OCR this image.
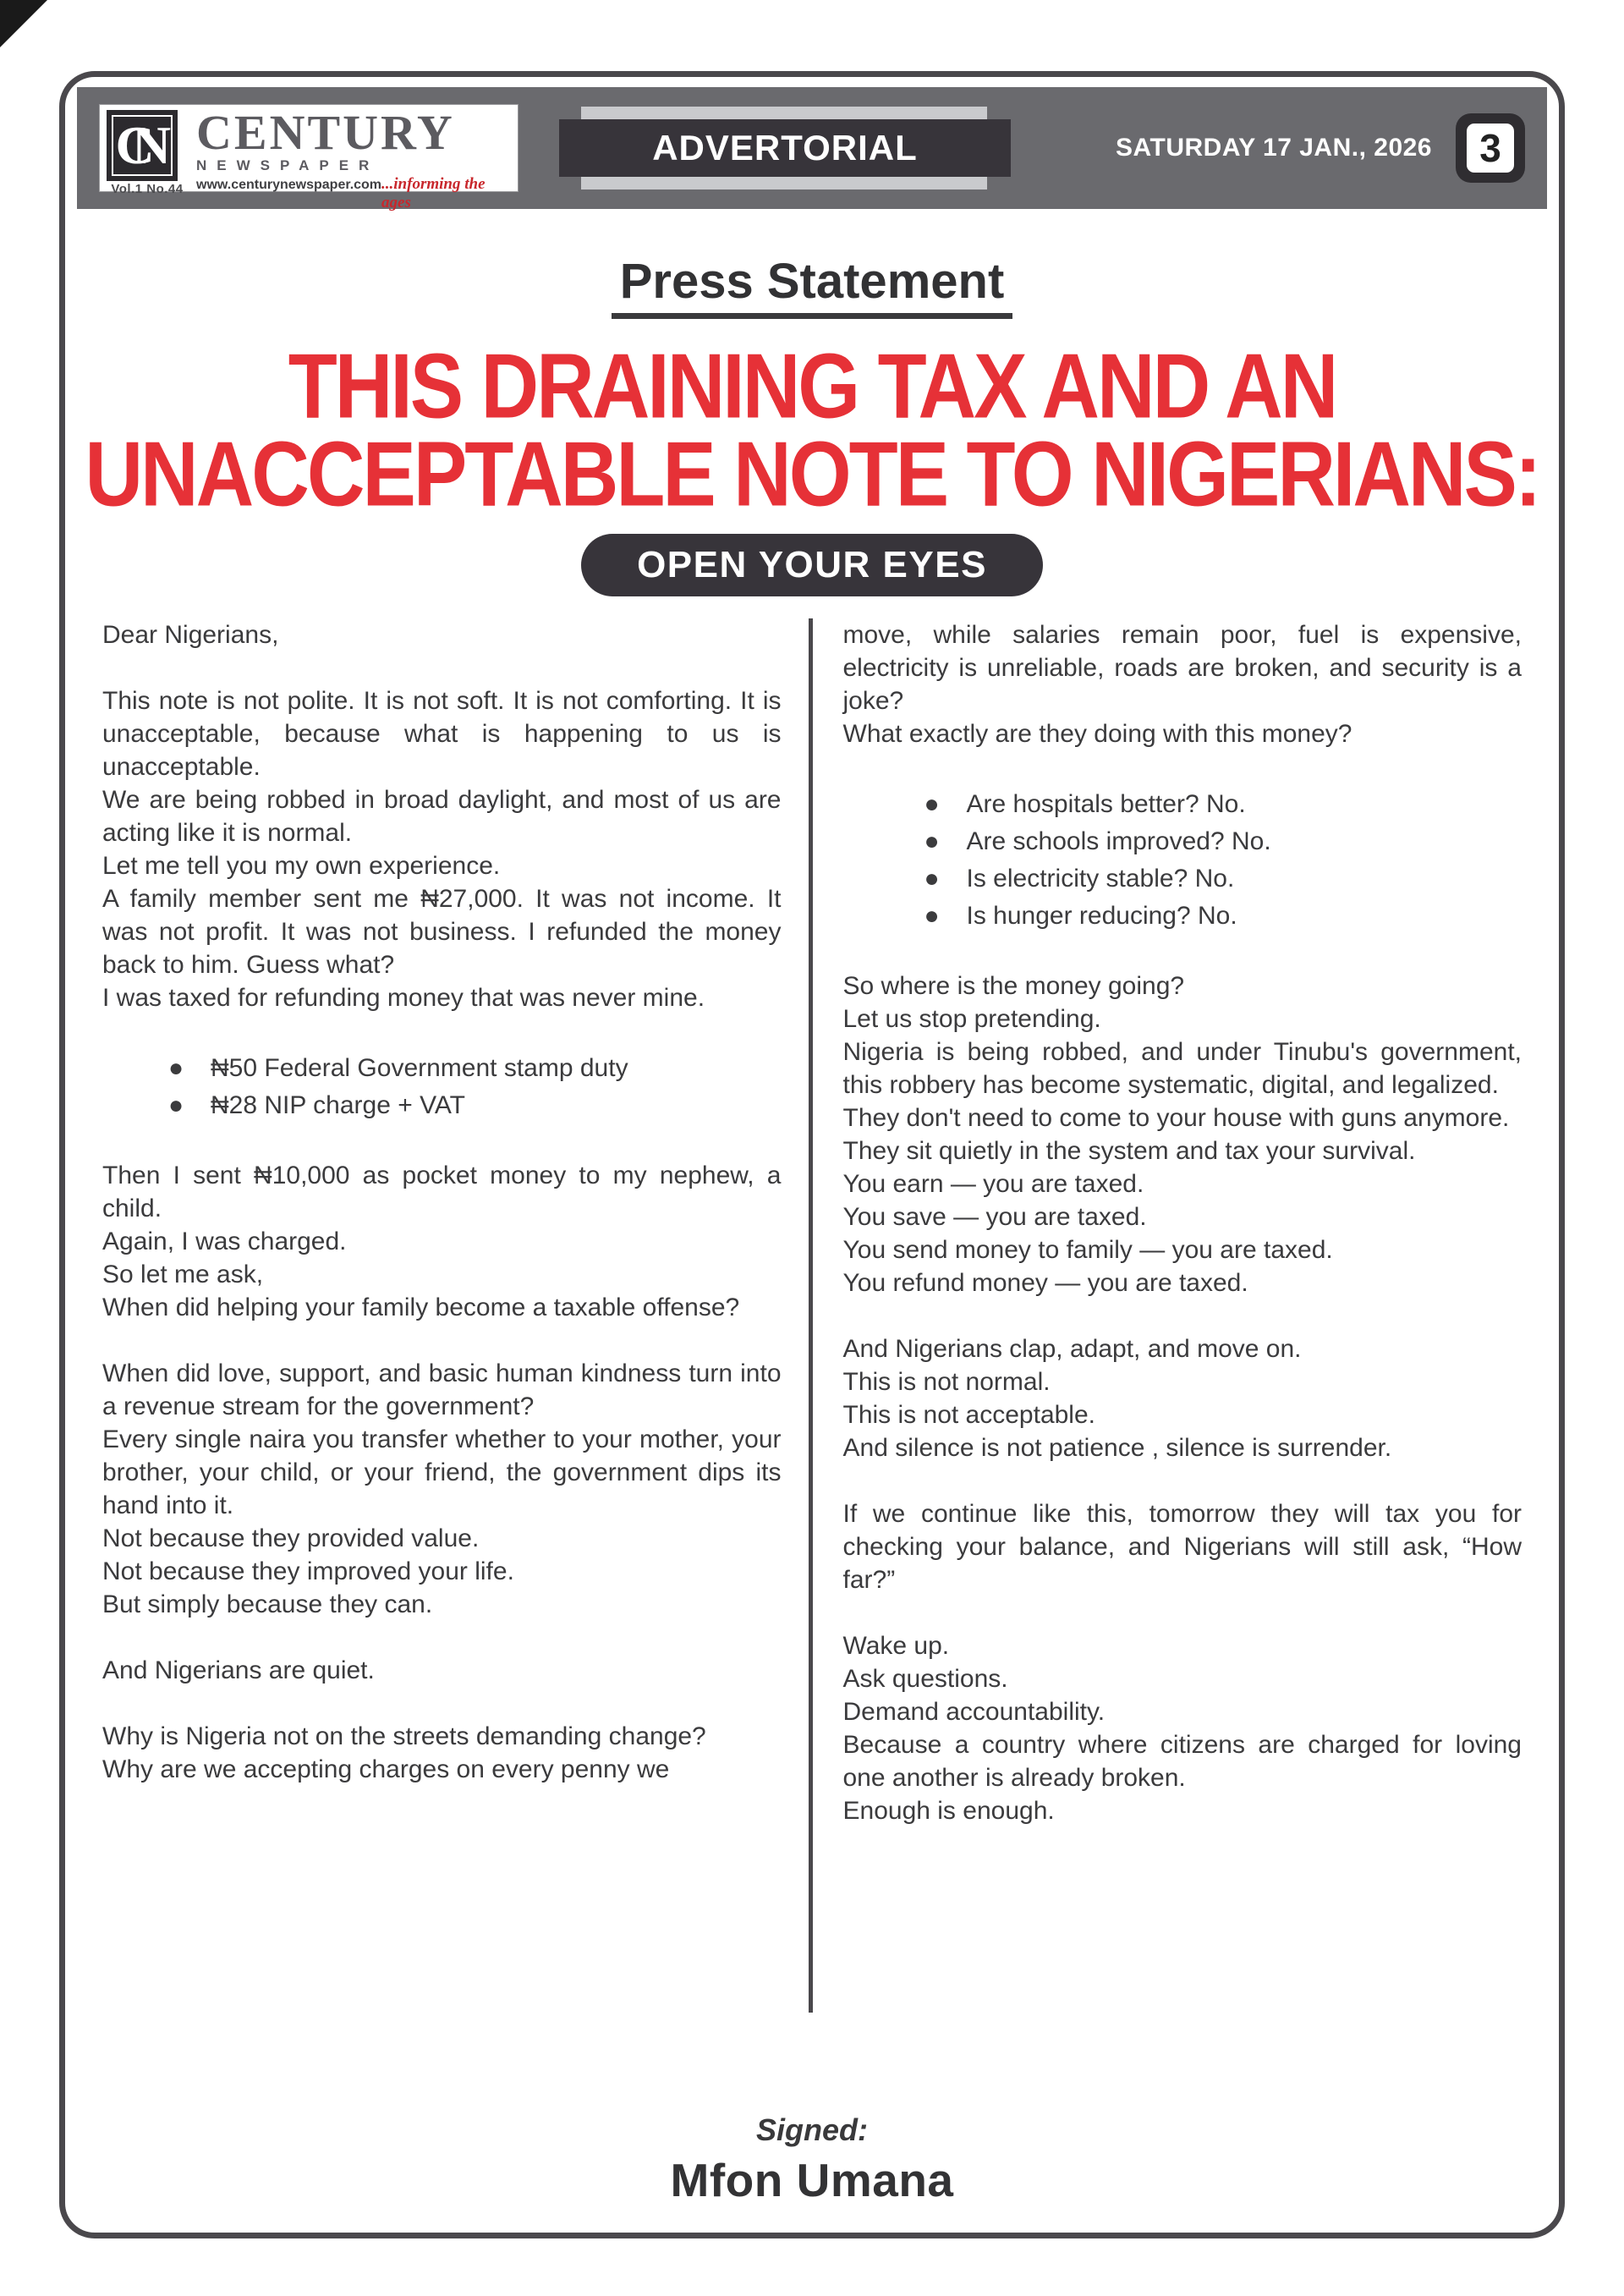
CN
Vol.1 No.44
CENTURY
NEWSPAPER
www.centurynewspaper.com ...informing the ages
ADVERTORIAL	SATURDAY 17 JAN., 2026	3
Press Statement
THIS DRAINING TAX AND AN
UNACCEPTABLE NOTE TO NIGERIANS:
OPEN YOUR EYES

Dear Nigerians,

This note is not polite. It is not soft. It is not comforting. It is unacceptable, because what is happening to us is unacceptable.

We are being robbed in broad daylight, and most of us are acting like it is normal.

Let me tell you my own experience.

A family member sent me ₦27,000. It was not income. It was not profit. It was not business. I refunded the money back to him. Guess what?

I was taxed for refunding money that was never mine.

●	₦50 Federal Government stamp duty
●	₦28 NIP charge + VAT

Then I sent ₦10,000 as pocket money to my nephew, a child.

Again, I was charged.

So let me ask,

When did helping your family become a taxable offense?

When did love, support, and basic human kindness turn into a revenue stream for the government?

Every single naira you transfer whether to your mother, your brother, your child, or your friend, the government dips its hand into it.

Not because they provided value.

Not because they improved your life.

But simply because they can.

And Nigerians are quiet.

Why is Nigeria not on the streets demanding change?

Why are we accepting charges on every penny we

move, while salaries remain poor, fuel is expensive, electricity is unreliable, roads are broken, and security is a joke?

What exactly are they doing with this money?

●	Are hospitals better? No.
●	Are schools improved? No.
●	Is electricity stable? No.
●	Is hunger reducing? No.

So where is the money going?

Let us stop pretending.

Nigeria is being robbed, and under Tinubu's government, this robbery has become systematic, digital, and legalized.

They don't need to come to your house with guns anymore.

They sit quietly in the system and tax your survival.

You earn — you are taxed.

You save — you are taxed.

You send money to family — you are taxed.

You refund money — you are taxed.

And Nigerians clap, adapt, and move on.

This is not normal.

This is not acceptable.

And silence is not patience , silence is surrender.

If we continue like this, tomorrow they will tax you for checking your balance, and Nigerians will still ask, “How far?”

Wake up.

Ask questions.

Demand accountability.

Because a country where citizens are charged for loving one another is already broken.

Enough is enough.

Signed:
Mfon Umana
